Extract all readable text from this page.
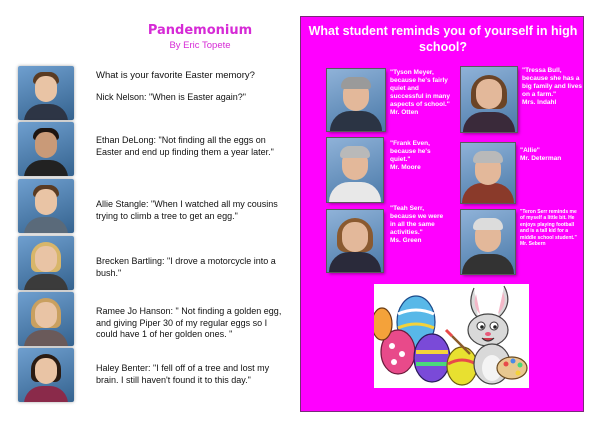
Pandemonium
By Eric Topete
What is your favorite Easter memory?
Nick Nelson: "When is Easter again?"
Ethan DeLong: "Not finding all the eggs on Easter and end up finding them a year later."
Allie Stangle: "When I watched all my cousins trying to climb a tree to get an egg."
Brecken Bartling: "I drove a motorcycle into a bush."
Ramee Jo Hanson: " Not finding a golden egg, and giving Piper 30 of my regular eggs so I could have 1 of her golden ones. "
Haley Benter: "I fell off of a tree and lost my brain. I still haven't found it to this day."
What student reminds you of yourself in high school?
"Tyson Meyer, because he's fairly quiet and successful in many aspects of school."
Mr. Otten
"Tressa Bull, because she has a big family and lives on a farm."
Mrs. Indahl
"Frank Even, because he's quiet."
Mr. Moore
"Allie"
Mr. Determan
"Teah Serr, because we were in all the same activities."
Ms. Green
"Teron Serr reminds me of myself a little bit. He enjoys playing football and is a tall kid for a middle school student."
Mr. Sebern
